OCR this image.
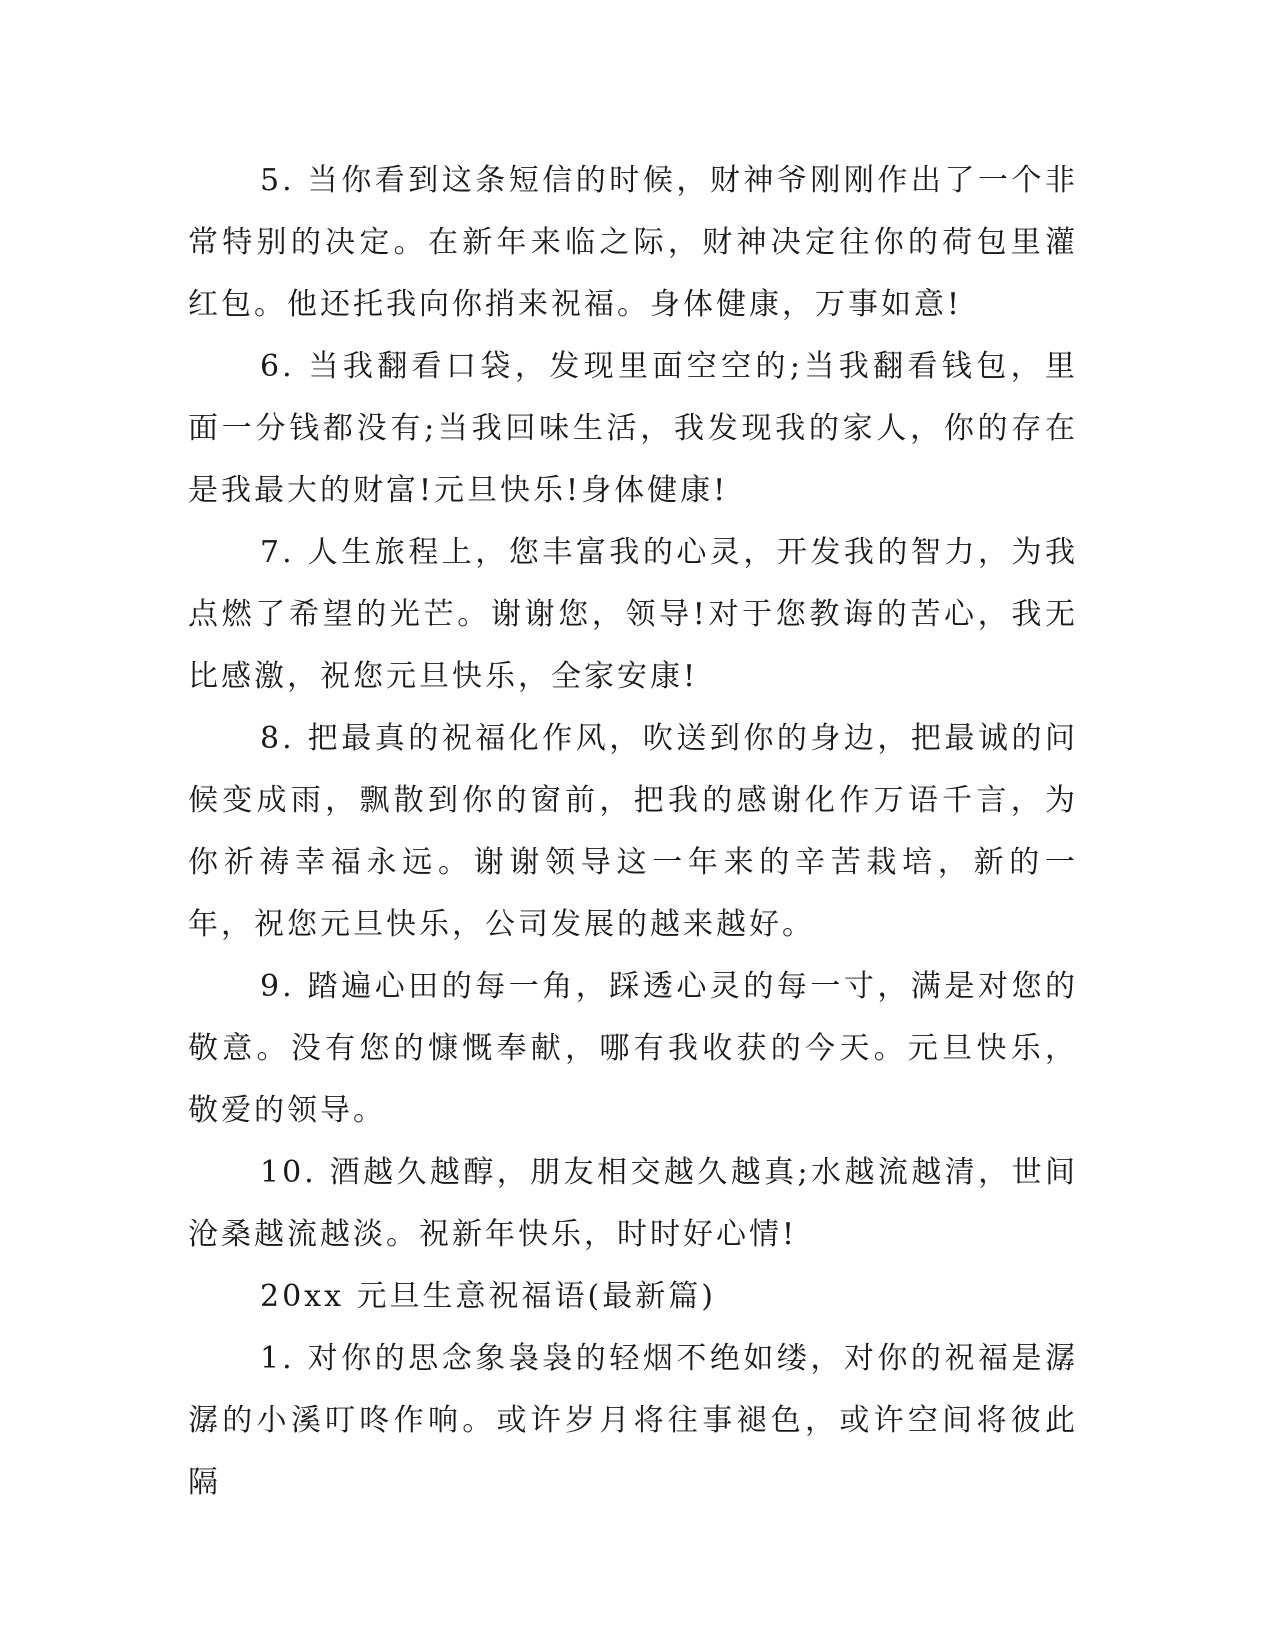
5. 当你看到这条短信的时候，财神爷刚刚作出了一个非常特别的决定。在新年来临之际，财神决定往你的荷包里灌红包。他还托我向你捎来祝福。身体健康，万事如意!

6. 当我翻看口袋，发现里面空空的;当我翻看钱包，里面一分钱都没有;当我回味生活，我发现我的家人，你的存在是我最大的财富!元旦快乐!身体健康!

7. 人生旅程上，您丰富我的心灵，开发我的智力，为我点燃了希望的光芒。谢谢您，领导!对于您教诲的苦心，我无比感激，祝您元旦快乐，全家安康!

8. 把最真的祝福化作风，吹送到你的身边，把最诚的问候变成雨，飘散到你的窗前，把我的感谢化作万语千言，为你祈祷幸福永远。谢谢领导这一年来的辛苦栽培，新的一年，祝您元旦快乐，公司发展的越来越好。

9. 踏遍心田的每一角，踩透心灵的每一寸，满是对您的敬意。没有您的慷慨奉献，哪有我收获的今天。元旦快乐，敬爱的领导。

10. 酒越久越醇，朋友相交越久越真;水越流越清，世间沧桑越流越淡。祝新年快乐，时时好心情!

20xx 元旦生意祝福语(最新篇)

1. 对你的思念象袅袅的轻烟不绝如缕，对你的祝福是潺潺的小溪叮咚作响。或许岁月将往事褪色，或许空间将彼此隔
